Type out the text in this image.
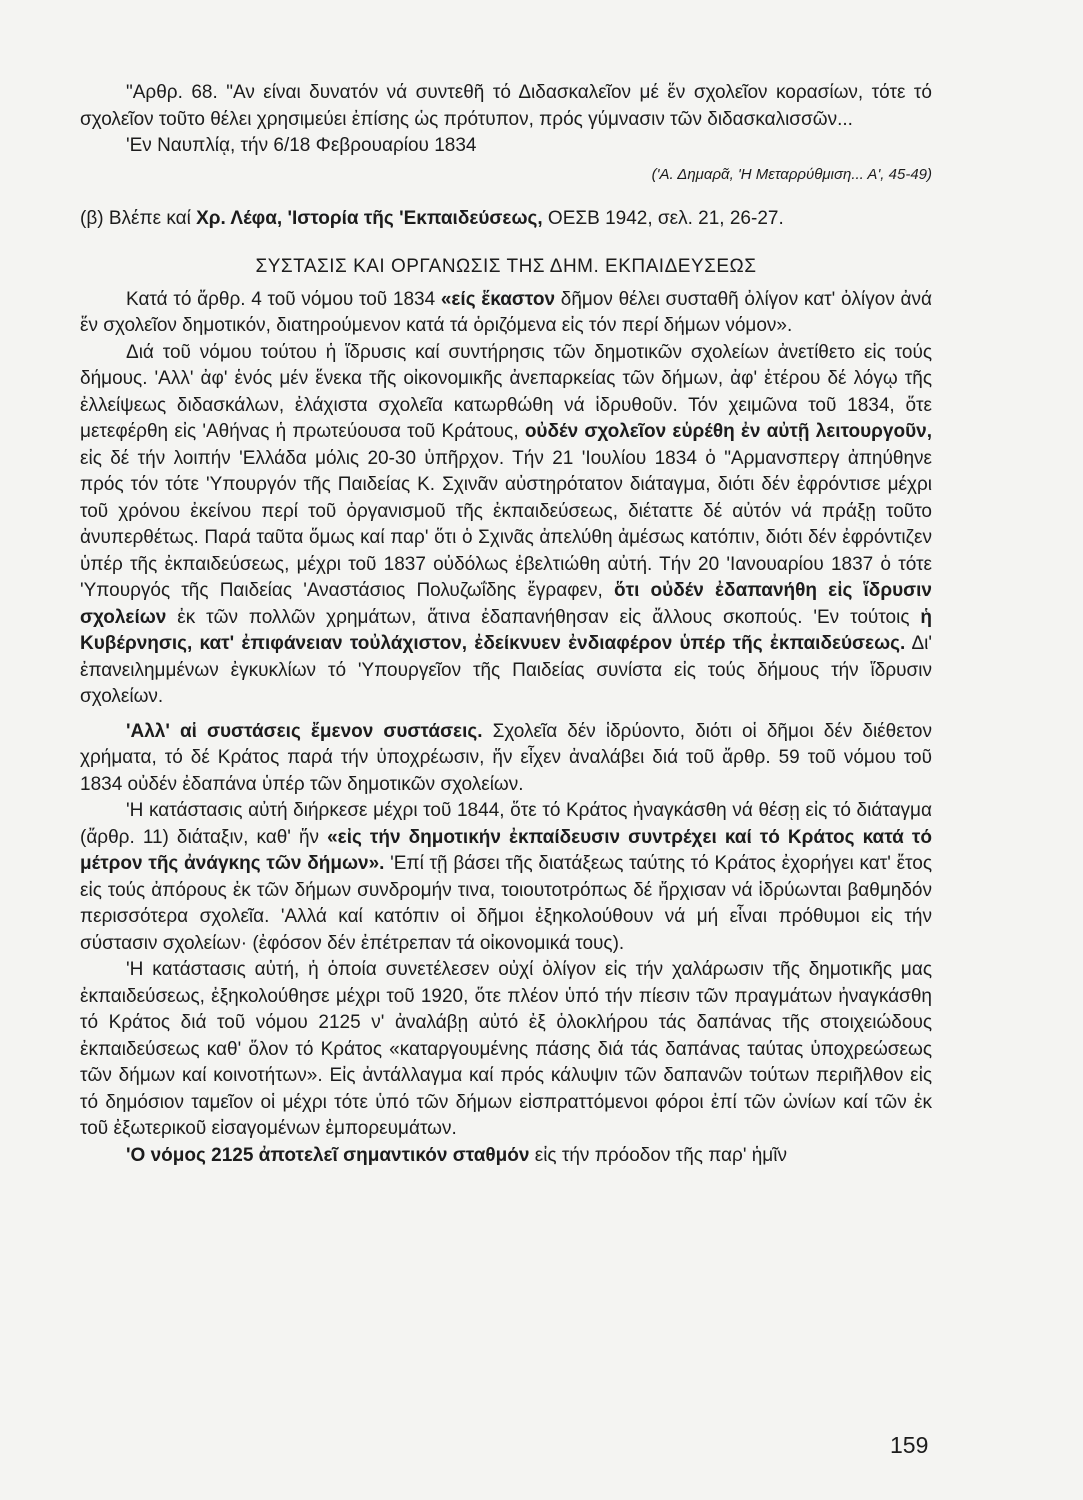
"Αρθρ. 68. "Αν είναι δυνατόν νά συντεθῆ τό Διδασκαλεῖον μέ ἕν σχολεῖον κορασίων, τότε τό σχολεῖον τοῦτο θέλει χρησιμεύει ἐπίσης ὡς πρότυπον, πρός γύμνασιν τῶν διδασκαλισσῶν...

'Εν Ναυπλίᾳ, τήν 6/18 Φεβρουαρίου 1834

('Α. Δημαρᾶ, 'Η Μεταρρύθμιση... Α', 45-49)

(β) Βλέπε καί Χρ. Λέφα, 'Ιστορία τῆς 'Εκπαιδεύσεως, ΟΕΣΒ 1942, σελ. 21, 26-27.

ΣΥΣΤΑΣΙΣ ΚΑΙ ΟΡΓΑΝΩΣΙΣ ΤΗΣ ΔΗΜ. ΕΚΠΑΙΔΕΥΣΕΩΣ

Κατά τό ἄρθρ. 4 τοῦ νόμου τοῦ 1834 «είς ἕκαστον δῆμον θέλει συσταθῆ ὀλίγον κατ' ὀλίγον ἀνά ἕν σχολεῖον δημοτικόν, διατηρούμενον κατά τά ὁριζόμενα εἰς τόν περί δήμων νόμον».

Διά τοῦ νόμου τούτου ἡ ἵδρυσις καί συντήρησις τῶν δημοτικῶν σχολείων ἀνετίθετο εἰς τούς δήμους. 'Αλλ' ἀφ' ἑνός μέν ἕνεκα τῆς οἰκονομικῆς ἀνεπαρκείας τῶν δήμων, ἀφ' ἑτέρου δέ λόγῳ τῆς ἐλλείψεως διδασκάλων, ἐλάχιστα σχολεῖα κατωρθώθη νά ἱδρυθοῦν. Τόν χειμῶνα τοῦ 1834, ὅτε μετεφέρθη εἰς 'Αθήνας ἡ πρωτεύουσα τοῦ Κράτους, οὐδέν σχολεῖον εὑρέθη ἐν αὐτῇ λειτουργοῦν, εἰς δέ τήν λοιπήν 'Ελλάδα μόλις 20-30 ὑπῆρχον. Τήν 21 'Ιουλίου 1834 ὁ "Αρμανσπεργ ἀπηύθηνε πρός τόν τότε 'Υπουργόν τῆς Παιδείας Κ. Σχινᾶν αὐστηρότατον διάταγμα, διότι δέν ἐφρόντισε μέχρι τοῦ χρόνου ἐκείνου περί τοῦ ὀργανισμοῦ τῆς ἐκπαιδεύσεως, διέταττε δέ αὐτόν νά πράξῃ τοῦτο ἀνυπερθέτως. Παρά ταῦτα ὅμως καί παρ' ὅτι ὁ Σχινᾶς ἀπελύθη ἀμέσως κατόπιν, διότι δέν ἐφρόντιζεν ὑπέρ τῆς ἐκπαιδεύσεως, μέχρι τοῦ 1837 οὐδόλως ἐβελτιώθη αὐτή. Τήν 20 'Ιανουαρίου 1837 ὁ τότε 'Υπουργός τῆς Παιδείας 'Αναστάσιος Πολυζωΐδης ἔγραφεν, ὅτι οὐδέν ἐδαπανήθη εἰς ἵδρυσιν σχολείων ἐκ τῶν πολλῶν χρημάτων, ἅτινα ἐδαπανήθησαν εἰς ἄλλους σκοπούς. 'Εν τούτοις ἡ Κυβέρνησις, κατ' ἐπιφάνειαν τοὐλάχιστον, ἐδείκνυεν ἐνδιαφέρον ὑπέρ τῆς ἐκπαιδεύσεως. Δι' ἐπανειλημμένων ἐγκυκλίων τό 'Υπουργεῖον τῆς Παιδείας συνίστα εἰς τούς δήμους τήν ἵδρυσιν σχολείων.

'Αλλ' αἱ συστάσεις ἔμενον συστάσεις. Σχολεῖα δέν ἱδρύοντο, διότι οἱ δῆμοι δέν διέθετον χρήματα, τό δέ Κράτος παρά τήν ὑποχρέωσιν, ἥν εἶχεν ἀναλάβει διά τοῦ ἄρθρ. 59 τοῦ νόμου τοῦ 1834 οὐδέν ἐδαπάνα ὑπέρ τῶν δημοτικῶν σχολείων.

'Η κατάστασις αὐτή διήρκεσε μέχρι τοῦ 1844, ὅτε τό Κράτος ἠναγκάσθη νά θέσῃ εἰς τό διάταγμα (ἄρθρ. 11) διάταξιν, καθ' ἥν «εἰς τήν δημοτικήν ἐκπαίδευσιν συντρέχει καί τό Κράτος κατά τό μέτρον τῆς ἀνάγκης τῶν δήμων». 'Επί τῇ βάσει τῆς διατάξεως ταύτης τό Κράτος ἐχορήγει κατ' ἔτος εἰς τούς ἀπόρους ἐκ τῶν δήμων συνδρομήν τινα, τοιουτοτρόπως δέ ἤρχισαν νά ἱδρύωνται βαθμηδόν περισσότερα σχολεῖα. 'Αλλά καί κατόπιν οἱ δῆμοι ἐξηκολούθουν νά μή εἶναι πρόθυμοι εἰς τήν σύστασιν σχολείων· (ἐφόσον δέν ἐπέτρεπαν τά οἰκονομικά τους).

'Η κατάστασις αὐτή, ἡ ὁποία συνετέλεσεν οὐχί ὀλίγον εἰς τήν χαλάρωσιν τῆς δημοτικῆς μας ἐκπαιδεύσεως, ἐξηκολούθησε μέχρι τοῦ 1920, ὅτε πλέον ὑπό τήν πίεσιν τῶν πραγμάτων ἠναγκάσθη τό Κράτος διά τοῦ νόμου 2125 ν' ἀναλάβῃ αὐτό ἐξ ὁλοκλήρου τάς δαπάνας τῆς στοιχειώδους ἐκπαιδεύσεως καθ' ὅλον τό Κράτος «καταργουμένης πάσης διά τάς δαπάνας ταύτας ὑποχρεώσεως τῶν δήμων καί κοινοτήτων». Εἰς ἀντάλλαγμα καί πρός κάλυψιν τῶν δαπανῶν τούτων περιῆλθον εἰς τό δημόσιον ταμεῖον οἱ μέχρι τότε ὑπό τῶν δήμων εἰσπραττόμενοι φόροι ἐπί τῶν ὠνίων καί τῶν ἐκ τοῦ ἐξωτερικοῦ εἰσαγομένων ἐμπορευμάτων.

'Ο νόμος 2125 ἀποτελεῖ σημαντικόν σταθμόν εἰς τήν πρόοδον τῆς παρ' ἡμῖν

159
